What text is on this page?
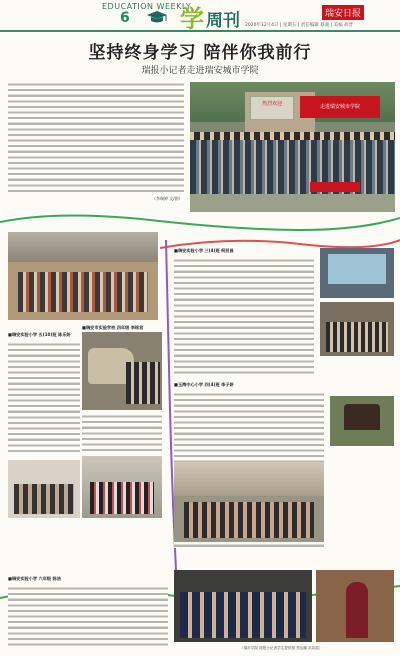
EDUCATION WEEKLY
6 学 周刊	瑞安日报
2020年12月4日 | 星期五 | 责任编辑 蔡骏 | 美编 胡晋
坚持终身学习 陪伴你我前行
瑞报小记者走进瑞安城市学院
（李瑞婷 文/图）
热烈欢迎	走进瑞安城市学院
■瑞安实验小学 五(10)班 陈乐妍
■瑞安市实验学校 四年级 李铭君
■瑞安实验小学 三(4)班 柯辰昌
■玉海中心小学 四(4)班 李子妍
■瑞安实验小学 六年级 陈洁
（瑞市学院 瑞报小记者学生提供照 蔡运蘭 洪彩霞）
